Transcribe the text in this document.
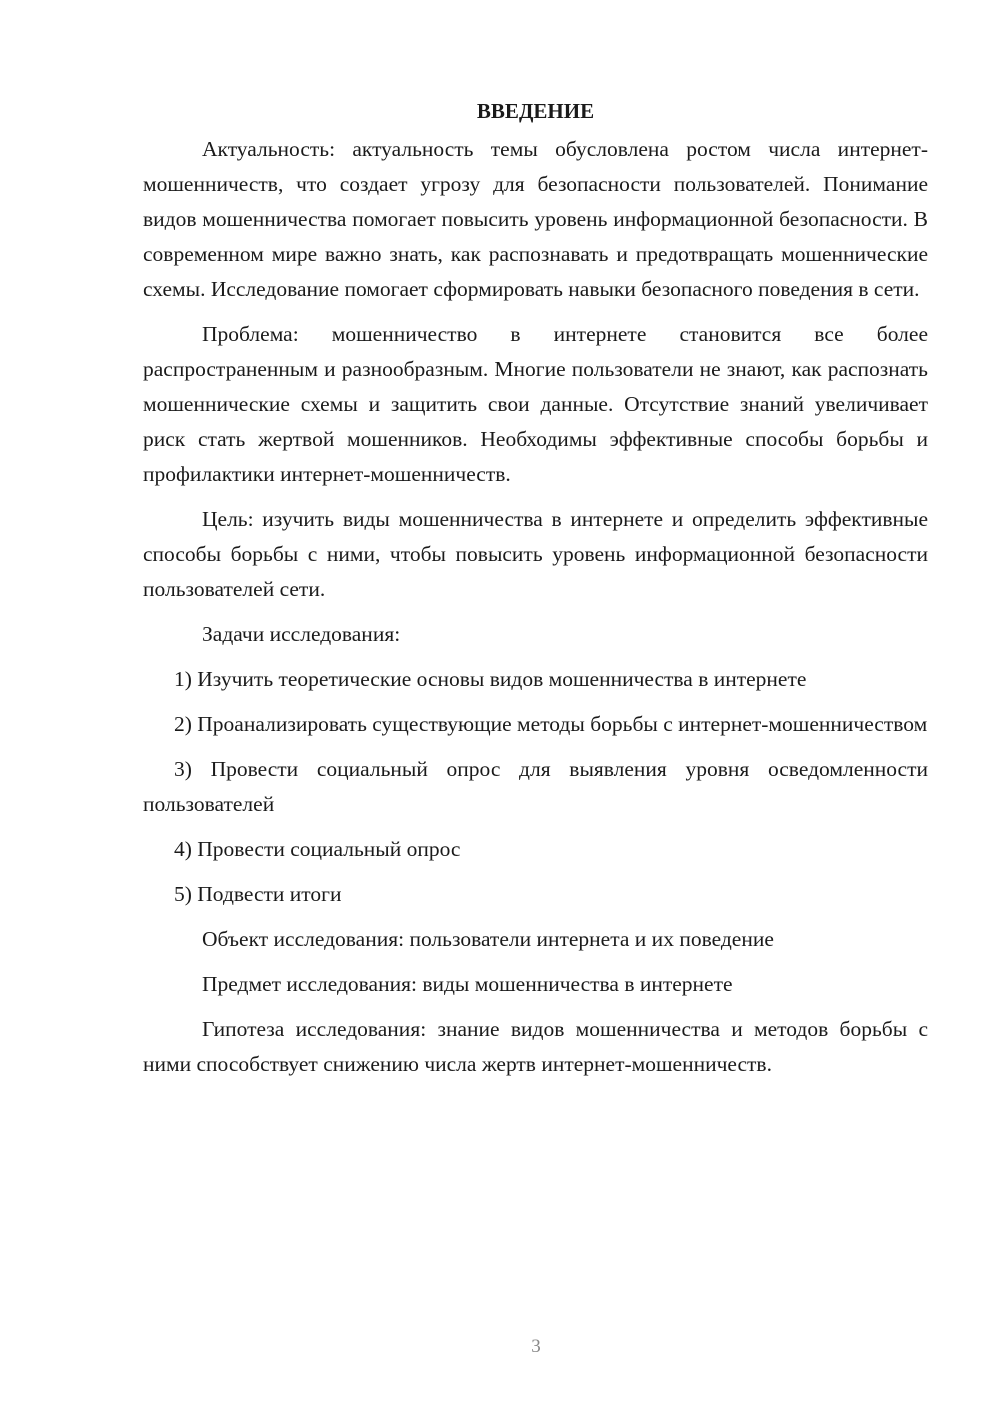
ВВЕДЕНИЕ

Актуальность: актуальность темы обусловлена ростом числа интернет-мошенничеств, что создает угрозу для безопасности пользователей. Понимание видов мошенничества помогает повысить уровень информационной безопасности. В современном мире важно знать, как распознавать и предотвращать мошеннические схемы. Исследование помогает сформировать навыки безопасного поведения в сети.

Проблема: мошенничество в интернете становится все более распространенным и разнообразным. Многие пользователи не знают, как распознать мошеннические схемы и защитить свои данные. Отсутствие знаний увеличивает риск стать жертвой мошенников. Необходимы эффективные способы борьбы и профилактики интернет-мошенничеств.

Цель: изучить виды мошенничества в интернете и определить эффективные способы борьбы с ними, чтобы повысить уровень информационной безопасности пользователей сети.

Задачи исследования:

1) Изучить теоретические основы видов мошенничества в интернете

2) Проанализировать существующие методы борьбы с интернет-мошенничеством

3) Провести социальный опрос для выявления уровня осведомленности пользователей

4) Провести социальный опрос

5) Подвести итоги

Объект исследования: пользователи интернета и их поведение

Предмет исследования: виды мошенничества в интернете

Гипотеза исследования: знание видов мошенничества и методов борьбы с ними способствует снижению числа жертв интернет-мошенничеств.

3
